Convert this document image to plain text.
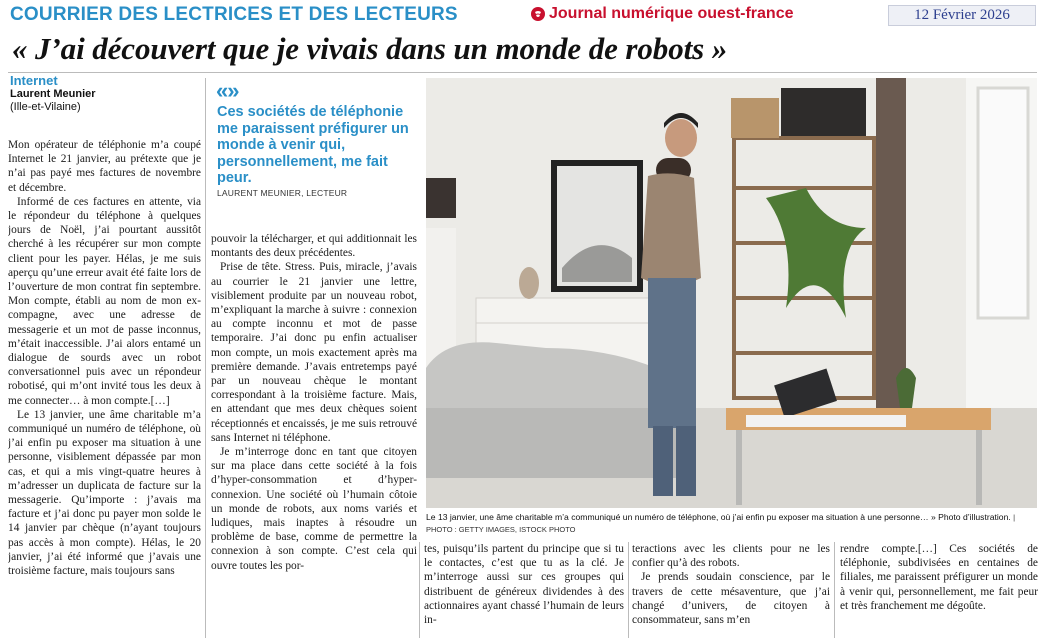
COURRIER DES LECTRICES ET DES LECTEURS	Journal numérique ouest-france	12 Février 2026
« J’ai découvert que je vivais dans un monde de robots »
Internet
Laurent Meunier
(Ille-et-Vilaine)

Mon opérateur de téléphonie m’a coupé Internet le 21 janvier, au prétexte que je n’ai pas payé mes factures de novembre et décembre.

Informé de ces factures en attente, via le répondeur du téléphone à quelques jours de Noël, j’ai pourtant aussitôt cherché à les récupérer sur mon compte client pour les payer. Hélas, je me suis aperçu qu’une erreur avait été faite lors de l’ouverture de mon contrat fin septembre. Mon compte, établi au nom de mon ex-compagne, avec une adresse de messagerie et un mot de passe inconnus, m’était inaccessible. J’ai alors entamé un dialogue de sourds avec un robot conversationnel puis avec un répondeur robotisé, qui m’ont invité tous les deux à me connecter… à mon compte.[…]

Le 13 janvier, une âme charitable m’a communiqué un numéro de téléphone, où j’ai enfin pu exposer ma situation à une personne, visiblement dépassée par mon cas, et qui a mis vingt-quatre heures à m’adresser un duplicata de facture sur la messagerie. Qu’importe : j’avais ma facture et j’ai donc pu payer mon solde le 14 janvier par chèque (n’ayant toujours pas accès à mon compte). Hélas, le 20 janvier, j’ai été informé que j’avais une troisième facture, mais toujours sans

«»
Ces sociétés de téléphonie me paraissent préfigurer un monde à venir qui, personnellement, me fait peur.
LAURENT MEUNIER, LECTEUR

pouvoir la télécharger, et qui additionnait les montants des deux précédentes.

Prise de tête. Stress. Puis, miracle, j’avais au courrier le 21 janvier une lettre, visiblement produite par un nouveau robot, m’expliquant la marche à suivre : connexion au compte inconnu et mot de passe temporaire. J’ai donc pu enfin actualiser mon compte, un mois exactement après ma première demande. J’avais entretemps payé par un nouveau chèque le montant correspondant à la troisième facture. Mais, en attendant que mes deux chèques soient réceptionnés et encaissés, je me suis retrouvé sans Internet ni téléphone.

Je m’interroge donc en tant que citoyen sur ma place dans cette société à la fois d’hyper-consommation et d’hyper-connexion. Une société où l’humain côtoie un monde de robots, aux noms variés et ludiques, mais inaptes à résoudre un problème de base, comme de permettre la connexion à son compte. C’est cela qui ouvre toutes les por-

Le 13 janvier, une âme charitable m’a communiqué un numéro de téléphone, où j’ai enfin pu exposer ma situation à une personne… » Photo d’illustration. | PHOTO : GETTY IMAGES, ISTOCK PHOTO

tes, puisqu’ils partent du principe que si tu le contactes, c’est que tu as la clé. Je m’interroge aussi sur ces groupes qui distribuent de généreux dividendes à des actionnaires ayant chassé l’humain de leurs in-

teractions avec les clients pour ne les confier qu’à des robots.

Je prends soudain conscience, par le travers de cette mésaventure, que j’ai changé d’univers, de citoyen à consommateur, sans m’en

rendre compte.[…] Ces sociétés de téléphonie, subdivisées en centaines de filiales, me paraissent préfigurer un monde à venir qui, personnellement, me fait peur et très franchement me dégoûte.
